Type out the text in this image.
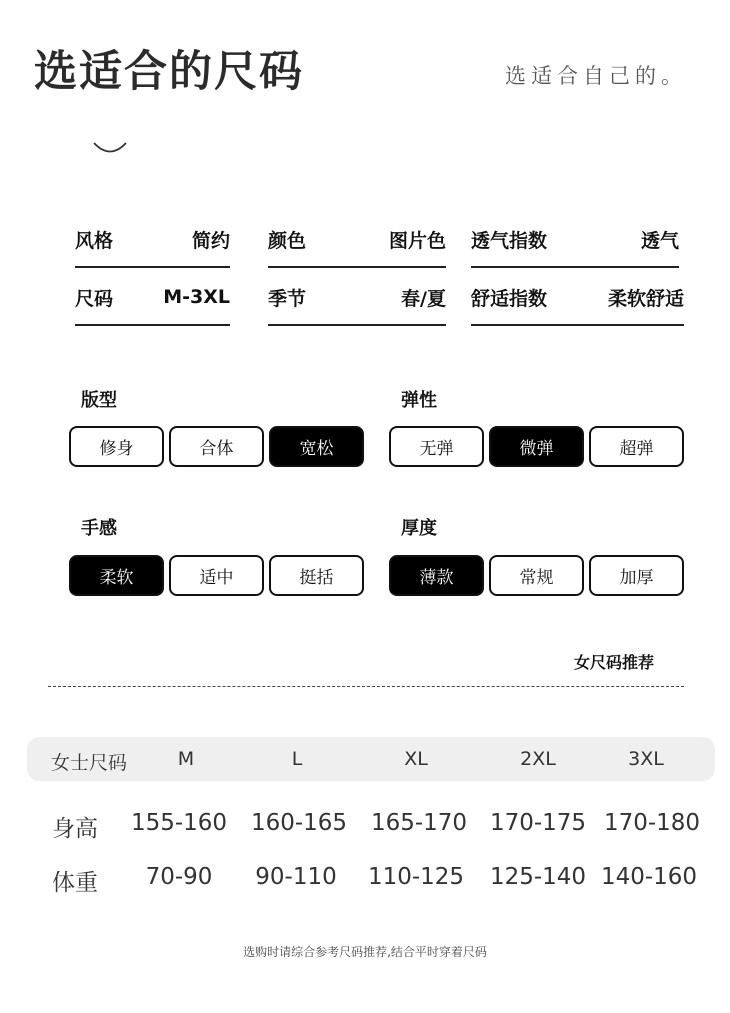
选适合的尺码	选适合自己的。
风格	简约 颜色	图片色 透气指数	透气
尺码	M-3XL 季节	春/夏 舒适指数	柔软舒适
版型
修身	合体	宽松
弹性
无弹	微弹	超弹
手感
柔软	适中	挺括
厚度
薄款	常规	加厚
女尺码推荐
女士尺码	M	L	XL	2XL	3XL
身高 155-160 160-165 165-170 170-175 170-180
体重 70-90 90-110 110-125 125-140 140-160
选购时请综合参考尺码推荐,结合平时穿着尺码
